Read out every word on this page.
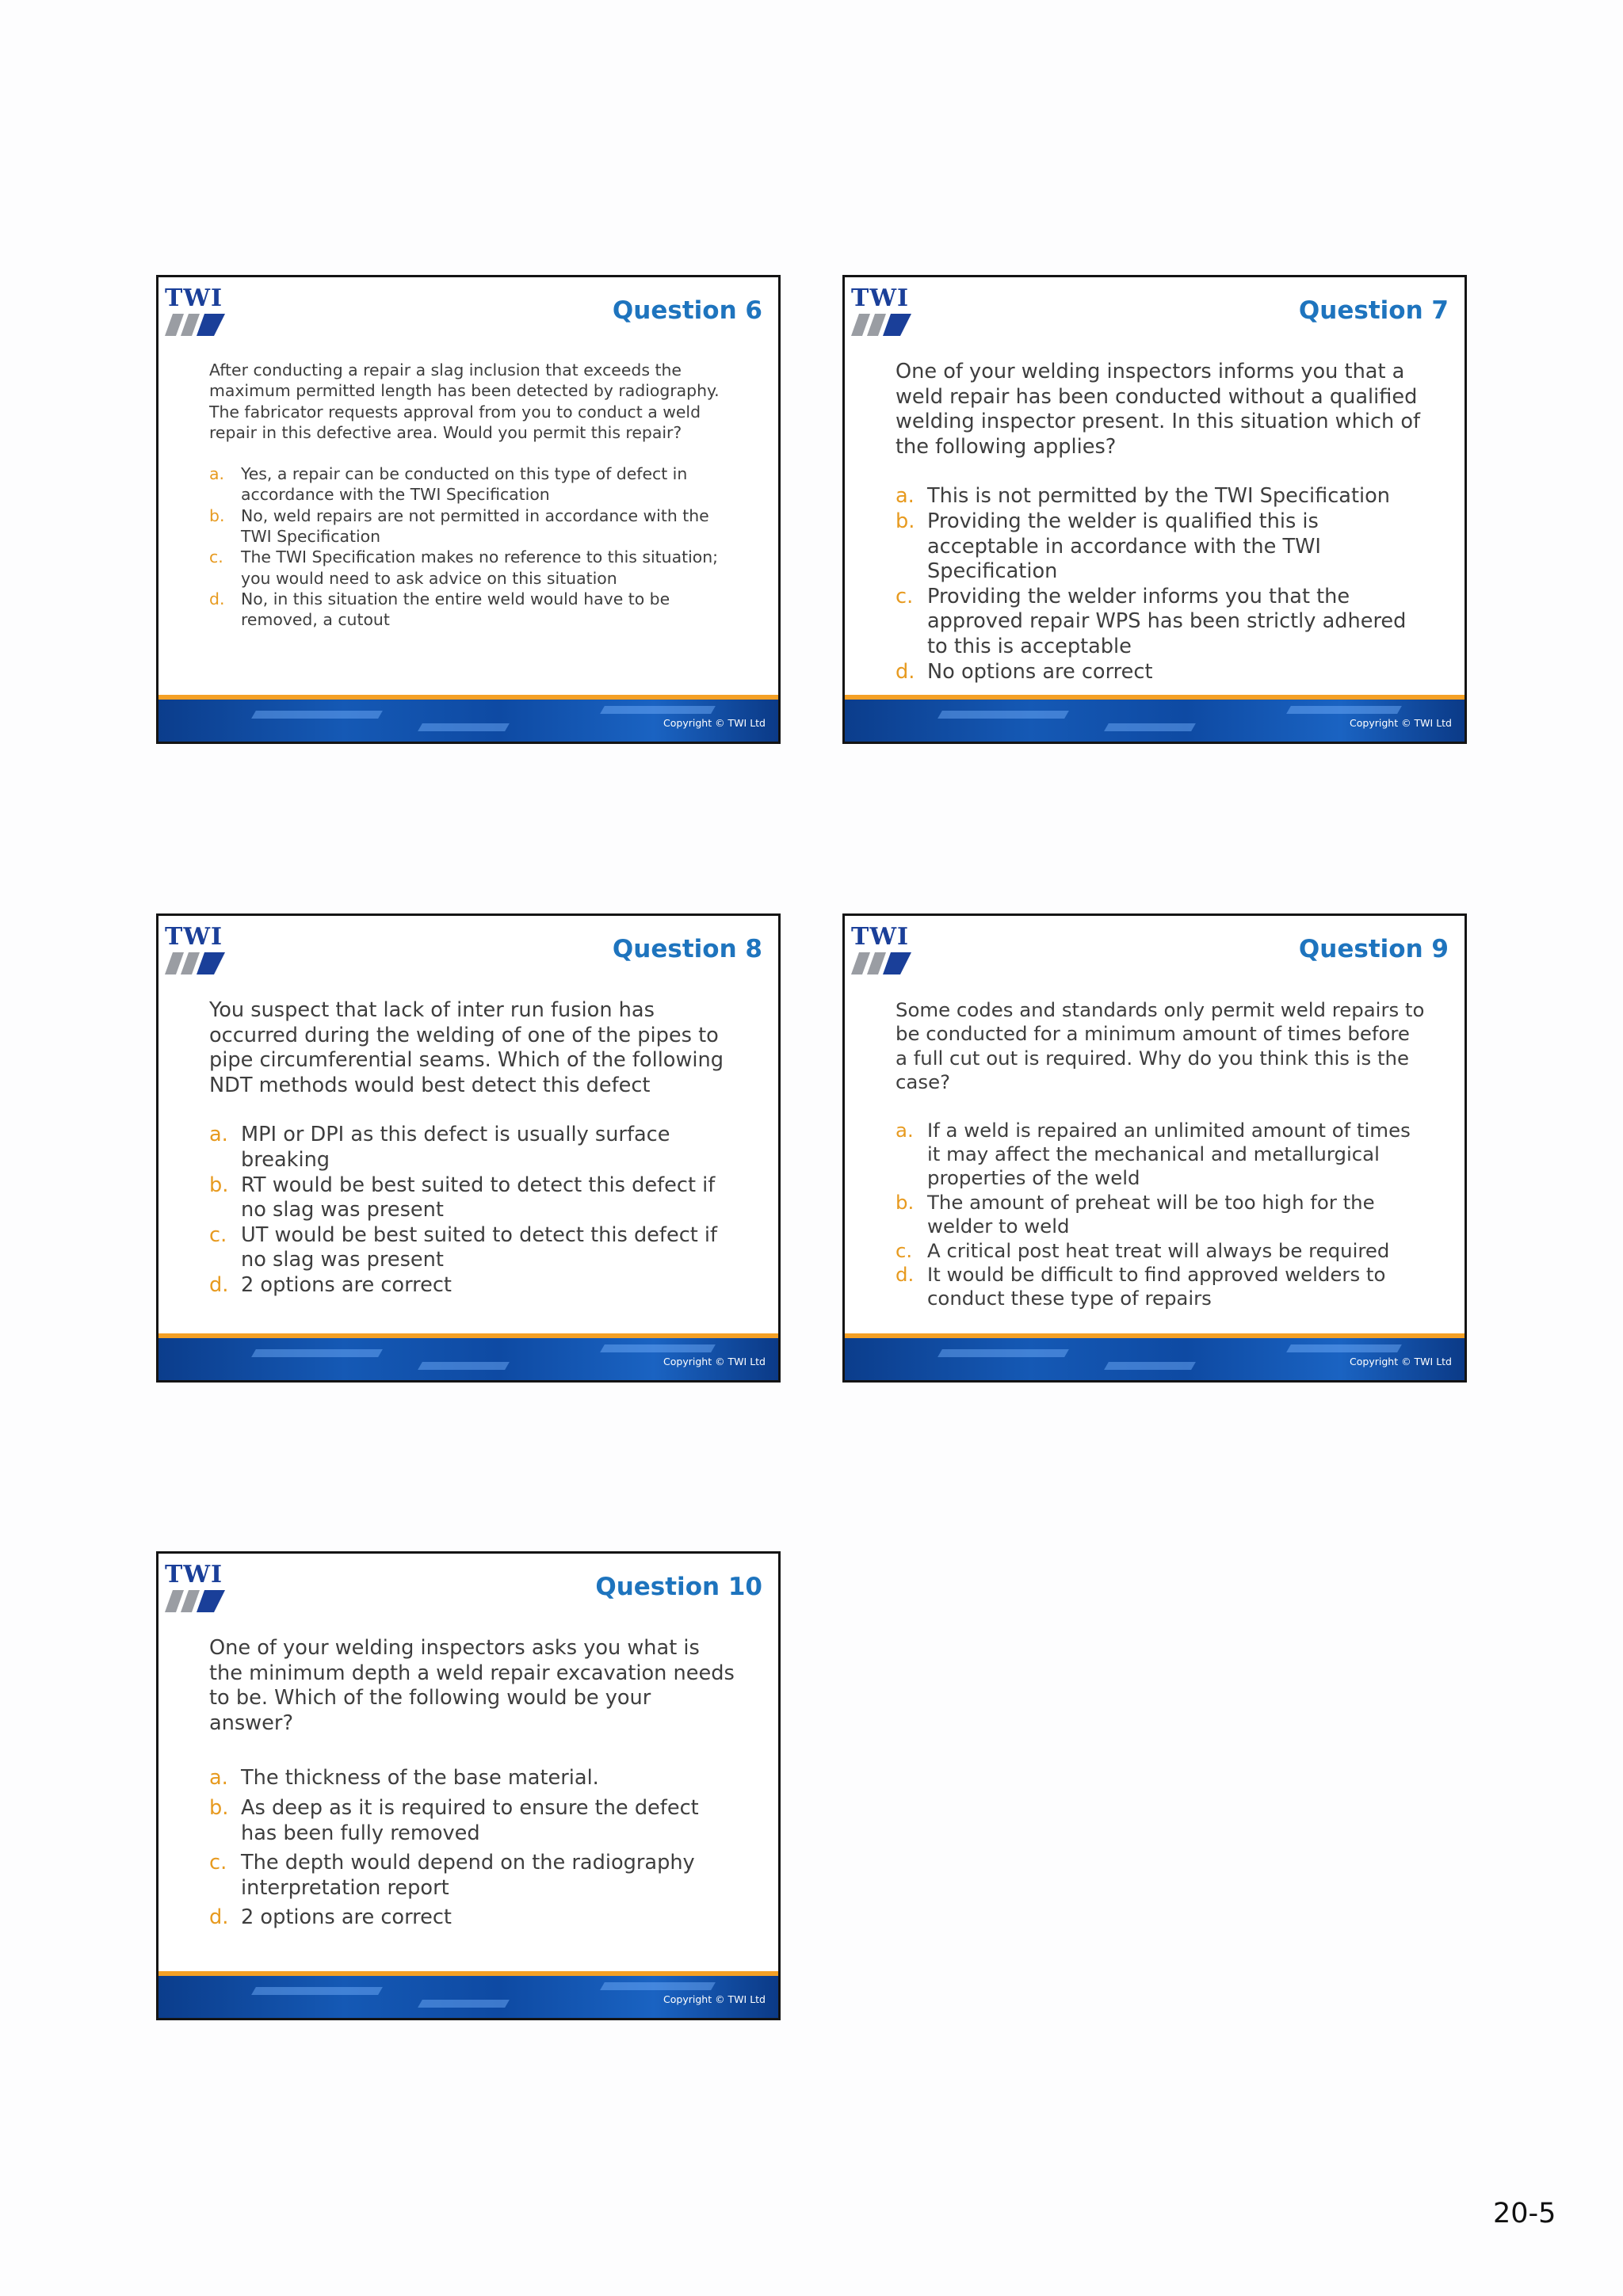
TWI	Question 6

After conducting a repair a slag inclusion that exceeds the maximum permitted length has been detected by radiography. The fabricator requests approval from you to conduct a weld repair in this defective area. Would you permit this repair?

a.	Yes, a repair can be conducted on this type of defect in accordance with the TWI Specification
b.	No, weld repairs are not permitted in accordance with the TWI Specification
c.	The TWI Specification makes no reference to this situation; you would need to ask advice on this situation
d.	No, in this situation the entire weld would have to be removed, a cutout
Copyright © TWI Ltd
TWI	Question 7

One of your welding inspectors informs you that a weld repair has been conducted without a qualified welding inspector present. In this situation which of the following applies?

a. This is not permitted by the TWI Specification
b. Providing the welder is qualified this is acceptable in accordance with the TWI Specification
c. Providing the welder informs you that the approved repair WPS has been strictly adhered to this is acceptable
d. No options are correct
Copyright © TWI Ltd
TWI	Question 8

You suspect that lack of inter run fusion has occurred during the welding of one of the pipes to pipe circumferential seams. Which of the following NDT methods would best detect this defect

a. MPI or DPI as this defect is usually surface breaking
b. RT would be best suited to detect this defect if no slag was present
c. UT would be best suited to detect this defect if no slag was present
d. 2 options are correct
Copyright © TWI Ltd
TWI	Question 9

Some codes and standards only permit weld repairs to be conducted for a minimum amount of times before a full cut out is required. Why do you think this is the case?

a. If a weld is repaired an unlimited amount of times it may affect the mechanical and metallurgical properties of the weld
b. The amount of preheat will be too high for the welder to weld
c. A critical post heat treat will always be required
d. It would be difficult to find approved welders to conduct these type of repairs
Copyright © TWI Ltd
TWI	Question 10

One of your welding inspectors asks you what is the minimum depth a weld repair excavation needs to be. Which of the following would be your answer?

a. The thickness of the base material.
b. As deep as it is required to ensure the defect has been fully removed
c. The depth would depend on the radiography interpretation report
d. 2 options are correct
Copyright © TWI Ltd
20-5
